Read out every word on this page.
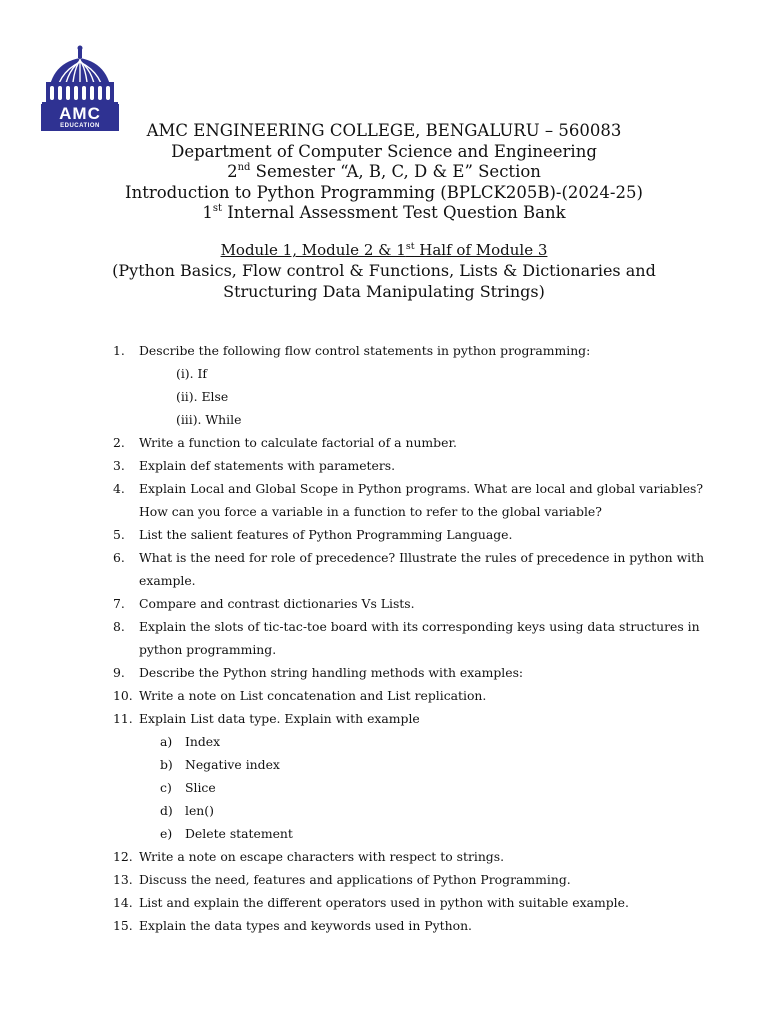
AMC
EDUCATION	AMC ENGINEERING COLLEGE, BENGALURU – 560083
Department of Computer Science and Engineering
2nd Semester “A, B, C, D & E” Section
Introduction to Python Programming (BPLCK205B)-(2024-25)
1st Internal Assessment Test Question Bank
Module 1, Module 2 & 1st Half of Module 3
(Python Basics, Flow control & Functions, Lists & Dictionaries and
Structuring Data Manipulating Strings)
1. Describe the following flow control statements in python programming:
(i). If
(ii). Else
(iii). While
2. Write a function to calculate factorial of a number.
3. Explain def statements with parameters.
4. Explain Local and Global Scope in Python programs. What are local and global variables? How can you force a variable in a function to refer to the global variable?
5. List the salient features of Python Programming Language.
6. What is the need for role of precedence? Illustrate the rules of precedence in python with example.
7. Compare and contrast dictionaries Vs Lists.
8. Explain the slots of tic-tac-toe board with its corresponding keys using data structures in python programming.
9. Describe the Python string handling methods with examples:
10. Write a note on List concatenation and List replication.
11. Explain List data type. Explain with example
a) Index
b) Negative index
c) Slice
d) len()
e) Delete statement
12. Write a note on escape characters with respect to strings.
13. Discuss the need, features and applications of Python Programming.
14. List and explain the different operators used in python with suitable example.
15. Explain the data types and keywords used in Python.
